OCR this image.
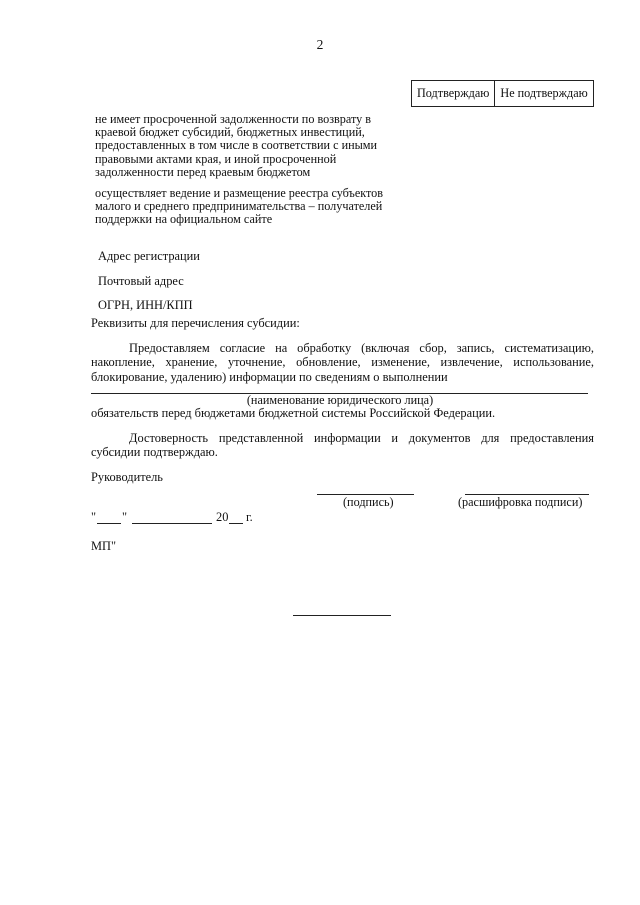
2
Подтверждаю	Не подтверждаю
не имеет просроченной задолженности по возврату в
краевой бюджет субсидий, бюджетных инвестиций,
предоставленных в том числе в соответствии с иными
правовыми актами края, и иной просроченной
задолженности перед краевым бюджетом
осуществляет ведение и размещение реестра субъектов
малого и среднего предпринимательства – получателей
поддержки на официальном сайте
Адрес регистрации
Почтовый адрес
ОГРН, ИНН/КПП
Реквизиты для перечисления субсидии:
Предоставляем согласие на обработку (включая сбор, запись, систематизацию,
накопление, хранение, уточнение, обновление, изменение, извлечение, использование,
блокирование, удалению) информации по сведениям о выполнении
(наименование юридического лица)
обязательств перед бюджетами бюджетной системы Российской Федерации.
Достоверность представленной информации и документов для предоставления
субсидии подтверждаю.
Руководитель
(подпись)	(расшифровка подписи)
" "	20 г.
МП"
